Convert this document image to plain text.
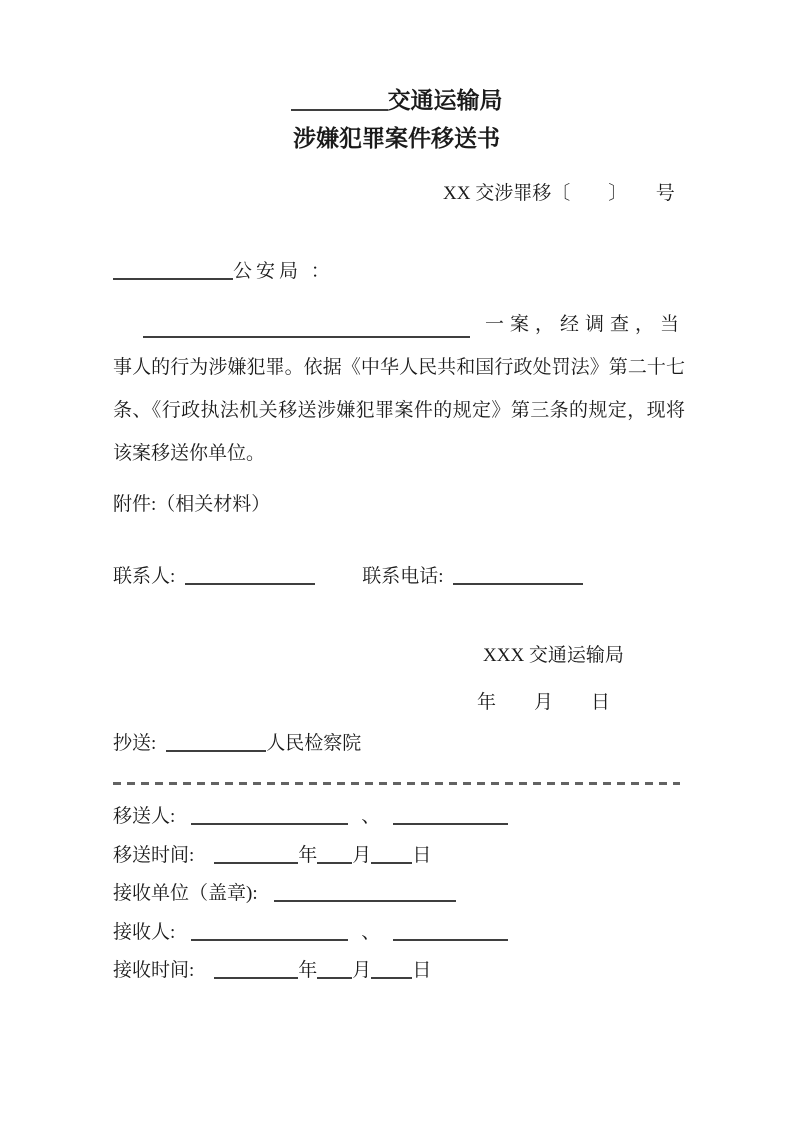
交通运输局
涉嫌犯罪案件移送书
XX 交涉罪移〔　　〕　　号
公安局 ：
一案，经调查，当
事人的行为涉嫌犯罪。依据《中华人民共和国行政处罚法》第二十七
条、《行政执法机关移送涉嫌犯罪案件的规定》第三条的规定，现将
该案移送你单位。
附件:（相关材料）
联系人:	联系电话:
XXX 交通运输局
年　　月　　日
抄送:	人民检察院
移送人:	、
移送时间:	年 月 日
接收单位（盖章):
接收人:	、
接收时间:	年 月 日
